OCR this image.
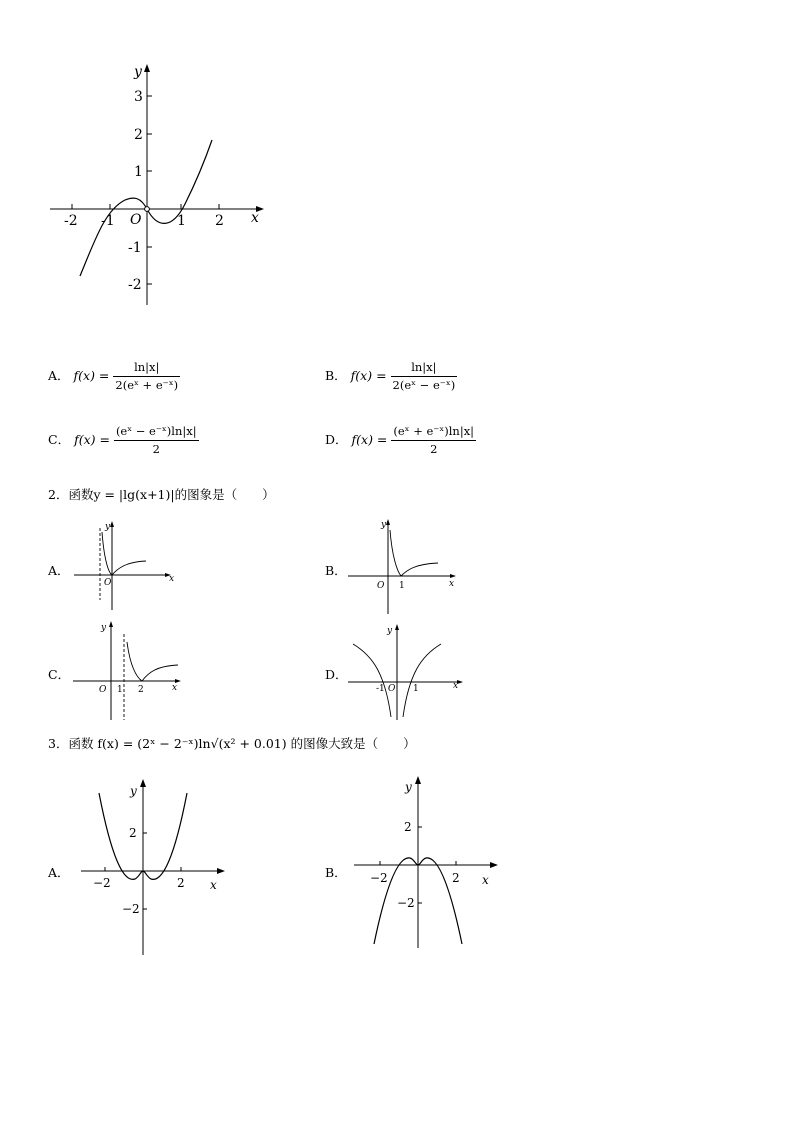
y
x
O
3
2
1
-1
-2
-2 -1	1 2
A． $f(x) = \frac{\ln|x|}{\text{2(eˣ + e⁻ˣ)}}$	B． $f(x) = \frac{\ln|x|}{\text{2(eˣ − e⁻ˣ)}}$
C． $f(x) = \frac{\text{(eˣ − e⁻ˣ)ln|x|}}{2}$	D． $f(x) = \frac{\text{(eˣ + e⁻ˣ)ln|x|}}{2}$
2．函数y = |lg(x+1)|的图象是（　　）
A．
y
x
O
B．
y
x
O 1
C．
y
x
O 1 2
D．
y
x
-1 O 1
3．函数 f(x) = (2ˣ − 2⁻ˣ)ln√(x² + 0.01) 的图像大致是（　　）
A．
y
x
−2	2
2
−2
B．
y
x
−2	2
2
−2
